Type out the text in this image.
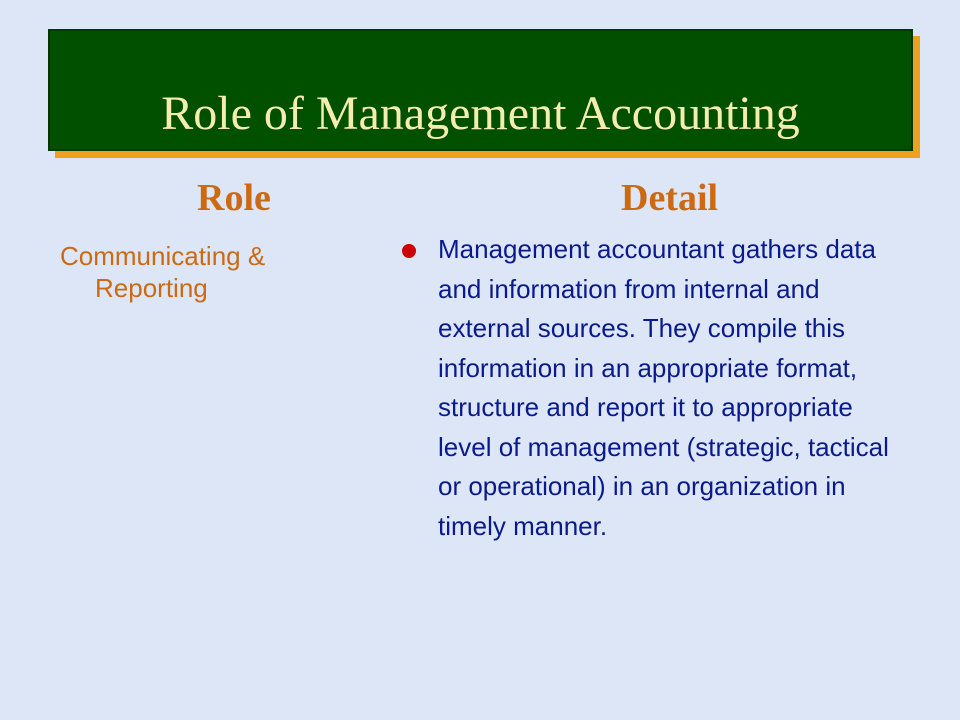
Role of Management Accounting
Role	Detail
Communicating & Reporting
Management accountant gathers data and information from internal and external sources. They compile this information in an appropriate format, structure and report it to appropriate level of management (strategic, tactical or operational) in an organization in timely manner.
